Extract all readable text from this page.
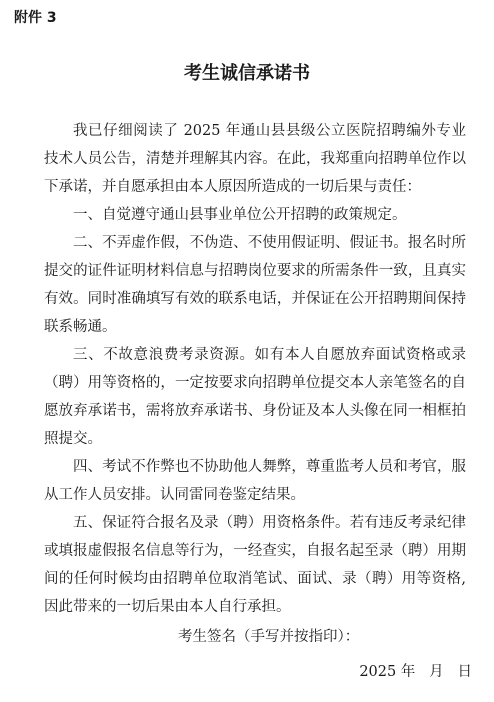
附件 3
考生诚信承诺书

我已仔细阅读了 2025 年通山县县级公立医院招聘编外专业技术人员公告，清楚并理解其内容。在此，我郑重向招聘单位作以下承诺，并自愿承担由本人原因所造成的一切后果与责任：

一、自觉遵守通山县事业单位公开招聘的政策规定。

二、不弄虚作假，不伪造、不使用假证明、假证书。报名时所提交的证件证明材料信息与招聘岗位要求的所需条件一致，且真实有效。同时准确填写有效的联系电话，并保证在公开招聘期间保持联系畅通。

三、不故意浪费考录资源。如有本人自愿放弃面试资格或录（聘）用等资格的，一定按要求向招聘单位提交本人亲笔签名的自愿放弃承诺书，需将放弃承诺书、身份证及本人头像在同一相框拍照提交。

四、考试不作弊也不协助他人舞弊，尊重监考人员和考官，服从工作人员安排。认同雷同卷鉴定结果。

五、保证符合报名及录（聘）用资格条件。若有违反考录纪律或填报虚假报名信息等行为，一经查实，自报名起至录（聘）用期间的任何时候均由招聘单位取消笔试、面试、录（聘）用等资格,因此带来的一切后果由本人自行承担。

考生签名（手写并按指印）：
2025 年   月   日
